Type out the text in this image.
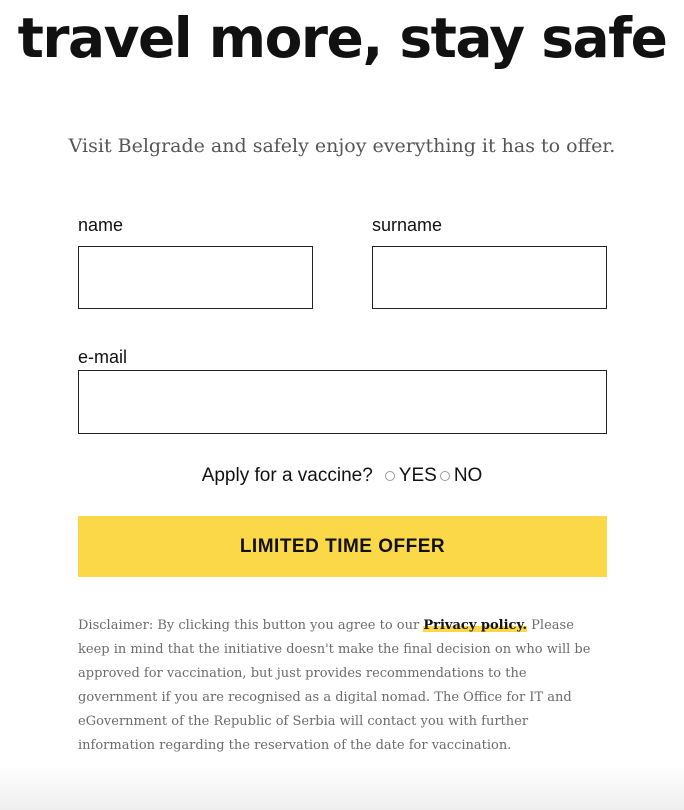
travel more, stay safe

Visit Belgrade and safely enjoy everything it has to offer.

name	surname
e-mail
Apply for a vaccine? YES NO
LIMITED TIME OFFER

Disclaimer: By clicking this button you agree to our Privacy policy. Please keep in mind that the initiative doesn't make the final decision on who will be approved for vaccination, but just provides recommendations to the government if you are recognised as a digital nomad. The Office for IT and eGovernment of the Republic of Serbia will contact you with further information regarding the reservation of the date for vaccination.
